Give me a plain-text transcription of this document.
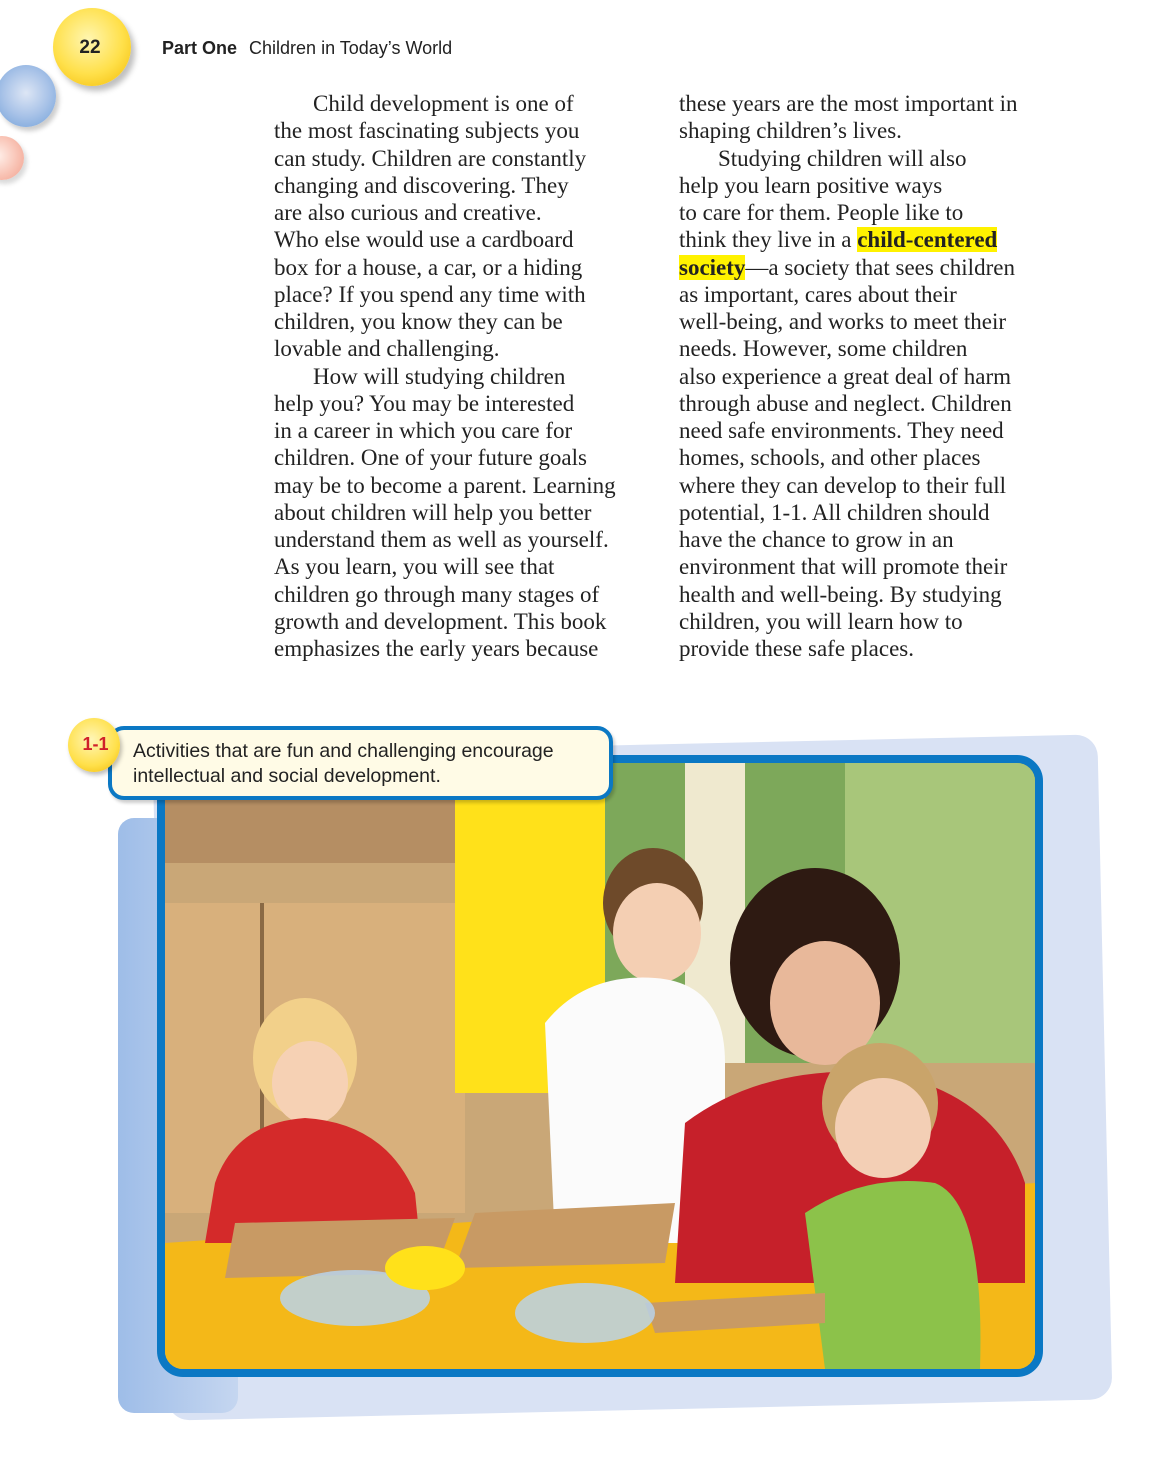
22	Part One Children in Today’s World
Child development is one of
the most fascinating subjects you
can study. Children are constantly
changing and discovering. They
are also curious and creative.
Who else would use a cardboard
box for a house, a car, or a hiding
place? If you spend any time with
children, you know they can be
lovable and challenging.
How will studying children
help you? You may be interested
in a career in which you care for
children. One of your future goals
may be to become a parent. Learning
about children will help you better
understand them as well as yourself.
As you learn, you will see that
children go through many stages of
growth and development. This book
emphasizes the early years because
these years are the most important in
shaping children’s lives.
Studying children will also
help you learn positive ways
to care for them. People like to
think they live in a child-centered
society—a society that sees children
as important, cares about their
well-being, and works to meet their
needs. However, some children
also experience a great deal of harm
through abuse and neglect. Children
need safe environments. They need
homes, schools, and other places
where they can develop to their full
potential, 1-1. All children should
have the chance to grow in an
environment that will promote their
health and well-being. By studying
children, you will learn how to
provide these safe places.
Activities that are fun and challenging encourage
intellectual and social development.
1-1
